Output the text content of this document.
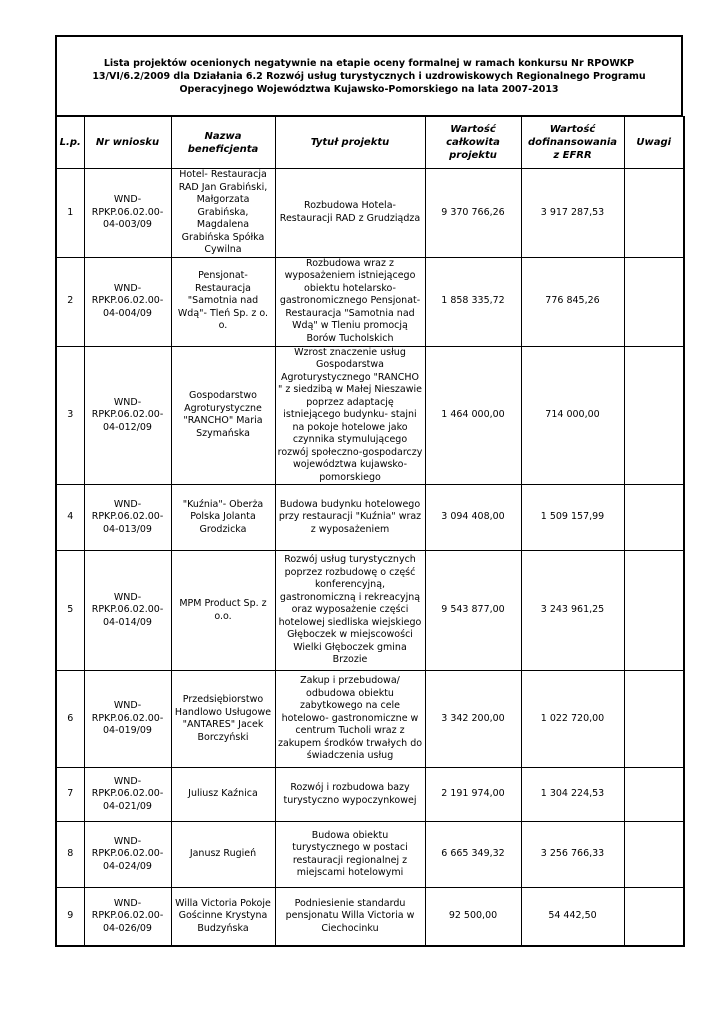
Lista projektów ocenionych negatywnie na etapie oceny formalnej w ramach konkursu Nr RPOWKP 13/VI/6.2/2009 dla Działania 6.2 Rozwój usług turystycznych i uzdrowiskowych Regionalnego Programu Operacyjnego Województwa Kujawsko-Pomorskiego na lata 2007-2013

L.p.	Nr wniosku	Nazwa beneficjenta	Tytuł projektu	Wartość całkowita projektu	Wartość dofinansowania z EFRR	Uwagi
1	WND-RPKP.06.02.00-04-003/09	Hotel- Restauracja RAD Jan Grabiński, Małgorzata Grabińska, Magdalena Grabińska Spółka Cywilna	Rozbudowa Hotela- Restauracji RAD z Grudziądza	9 370 766,26	3 917 287,53	
2	WND-RPKP.06.02.00-04-004/09	Pensjonat- Restauracja "Samotnia nad Wdą"- Tleń Sp. z o. o.	Rozbudowa wraz z wyposażeniem istniejącego obiektu hotelarsko-gastronomicznego Pensjonat-Restauracja "Samotnia nad Wdą" w Tleniu promocją Borów Tucholskich	1 858 335,72	776 845,26	
3	WND-RPKP.06.02.00-04-012/09	Gospodarstwo Agroturystyczne "RANCHO" Maria Szymańska	Wzrost znaczenie usług Gospodarstwa Agroturystycznego "RANCHO " z siedzibą w Małej Nieszawie poprzez adaptację istniejącego budynku- stajni na pokoje hotelowe jako czynnika stymulującego rozwój społeczno-gospodarczy województwa kujawsko- pomorskiego	1 464 000,00	714 000,00	
4	WND-RPKP.06.02.00-04-013/09	"Kuźnia"- Oberża Polska Jolanta Grodzicka	Budowa budynku hotelowego przy restauracji "Kuźnia" wraz z wyposażeniem	3 094 408,00	1 509 157,99	
5	WND-RPKP.06.02.00-04-014/09	MPM Product Sp. z o.o.	Rozwój usług turystycznych poprzez rozbudowę o część konferencyjną, gastronomiczną i rekreacyjną oraz wyposażenie części hotelowej siedliska wiejskiego Głęboczek w miejscowości Wielki Głęboczek gmina Brzozie	9 543 877,00	3 243 961,25	
6	WND-RPKP.06.02.00-04-019/09	Przedsiębiorstwo Handlowo Usługowe "ANTARES" Jacek Borczyński	Zakup i przebudowa/ odbudowa obiektu zabytkowego na cele hotelowo- gastronomiczne w centrum Tucholi wraz z zakupem środków trwałych do świadczenia usług	3 342 200,00	1 022 720,00	
7	WND-RPKP.06.02.00-04-021/09	Juliusz Kaźnica	Rozwój i rozbudowa bazy turystyczno wypoczynkowej	2 191 974,00	1 304 224,53	
8	WND-RPKP.06.02.00-04-024/09	Janusz Rugień	Budowa obiektu turystycznego w postaci restauracji regionalnej z miejscami hotelowymi	6 665 349,32	3 256 766,33	
9	WND-RPKP.06.02.00-04-026/09	Willa Victoria Pokoje Gościnne Krystyna Budzyńska	Podniesienie standardu pensjonatu Willa Victoria w Ciechocinku	92 500,00	54 442,50	
